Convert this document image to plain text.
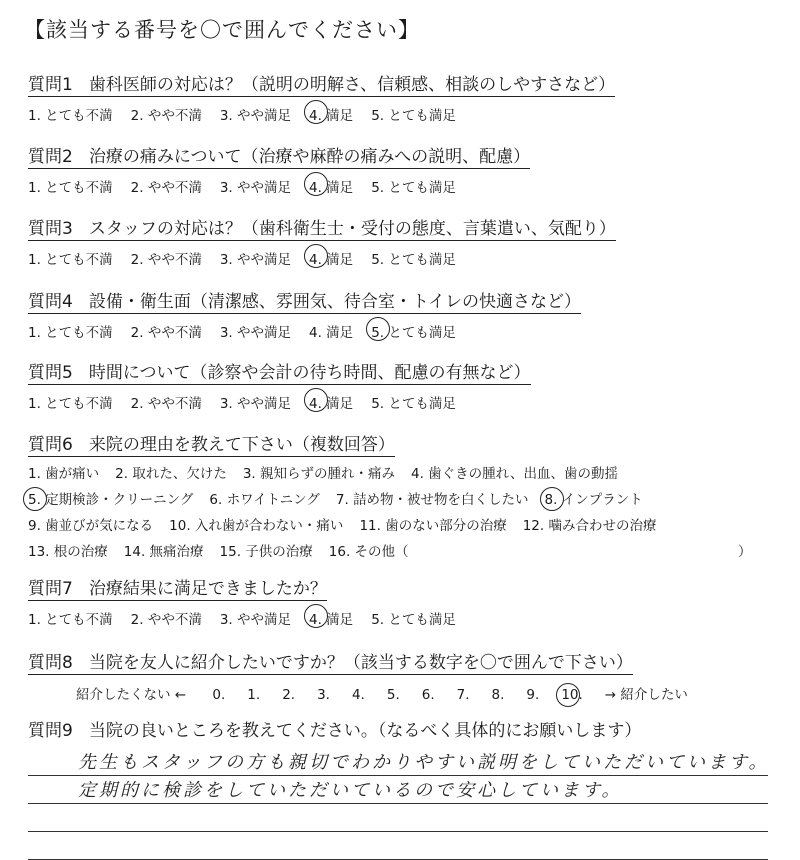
【該当する番号を〇で囲んでください】
質問1 歯科医師の対応は？（説明の明解さ、信頼感、相談のしやすさなど）
1. とても不満 2. やや不満 3. やや満足 4. 満足 5. とても満足
質問2 治療の痛みについて（治療や麻酔の痛みへの説明、配慮）
1. とても不満 2. やや不満 3. やや満足 4. 満足 5. とても満足
質問3 スタッフの対応は？（歯科衛生士・受付の態度、言葉遣い、気配り）
1. とても不満 2. やや不満 3. やや満足 4. 満足 5. とても満足
質問4 設備・衛生面（清潔感、雰囲気、待合室・トイレの快適さなど）
1. とても不満 2. やや不満 3. やや満足 4. 満足 5. とても満足
質問5 時間について（診察や会計の待ち時間、配慮の有無など）
1. とても不満 2. やや不満 3. やや満足 4. 満足 5. とても満足
質問6 来院の理由を教えて下さい（複数回答）
1. 歯が痛い 2. 取れた、欠けた 3. 親知らずの腫れ・痛み 4. 歯ぐきの腫れ、出血、歯の動揺
5. 定期検診・クリーニング 6. ホワイトニング 7. 詰め物・被せ物を白くしたい 8. インプラント
9. 歯並びが気になる 10. 入れ歯が合わない・痛い 11. 歯のない部分の治療 12. 噛み合わせの治療
13. 根の治療 14. 無痛治療 15. 子供の治療 16. その他（	）
質問7 治療結果に満足できましたか？
1. とても不満 2. やや不満 3. やや満足 4. 満足 5. とても満足
質問8 当院を友人に紹介したいですか？（該当する数字を〇で囲んで下さい）
紹介したくない ← 0. 1. 2. 3. 4. 5. 6. 7. 8. 9. 10. → 紹介したい
質問9 当院の良いところを教えてください。（なるべく具体的にお願いします）
先生もスタッフの方も親切でわかりやすい説明をしていただいています。
定期的に検診をしていただいているので安心しています。
